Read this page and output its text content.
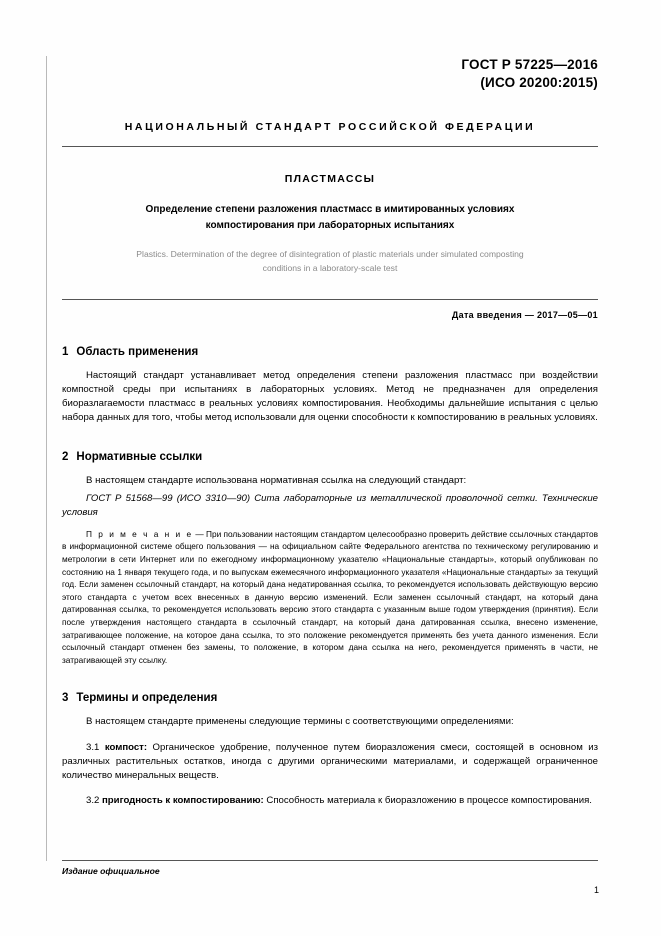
ГОСТ Р 57225—2016
(ИСО 20200:2015)
НАЦИОНАЛЬНЫЙ СТАНДАРТ РОССИЙСКОЙ ФЕДЕРАЦИИ
ПЛАСТМАССЫ
Определение степени разложения пластмасс в имитированных условиях
компостирования при лабораторных испытаниях
Plastics. Determination of the degree of disintegration of plastic materials under simulated composting
conditions in a laboratory-scale test
Дата введения — 2017—05—01
1 Область применения

Настоящий стандарт устанавливает метод определения степени разложения пластмасс при воздействии компостной среды при испытаниях в лабораторных условиях. Метод не предназначен для определения биоразлагаемости пластмасс в реальных условиях компостирования. Необходимы дальнейшие испытания с целью набора данных для того, чтобы метод использовали для оценки способности к компостированию в реальных условиях.

2 Нормативные ссылки

В настоящем стандарте использована нормативная ссылка на следующий стандарт:

ГОСТ Р 51568—99 (ИСО 3310—90) Сита лабораторные из металлической проволочной сетки. Технические условия

П р и м е ч а н и е — При пользовании настоящим стандартом целесообразно проверить действие ссылочных стандартов в информационной системе общего пользования — на официальном сайте Федерального агентства по техническому регулированию и метрологии в сети Интернет или по ежегодному информационному указателю «Национальные стандарты», который опубликован по состоянию на 1 января текущего года, и по выпускам ежемесячного информационного указателя «Национальные стандарты» за текущий год. Если заменен ссылочный стандарт, на который дана недатированная ссылка, то рекомендуется использовать действующую версию этого стандарта с учетом всех внесенных в данную версию изменений. Если заменен ссылочный стандарт, на который дана датированная ссылка, то рекомендуется использовать версию этого стандарта с указанным выше годом утверждения (принятия). Если после утверждения настоящего стандарта в ссылочный стандарт, на который дана датированная ссылка, внесено изменение, затрагивающее положение, на которое дана ссылка, то это положение рекомендуется применять без учета данного изменения. Если ссылочный стандарт отменен без замены, то положение, в котором дана ссылка на него, рекомендуется применять в части, не затрагивающей эту ссылку.

3 Термины и определения

В настоящем стандарте применены следующие термины с соответствующими определениями:

3.1 компост: Органическое удобрение, полученное путем биоразложения смеси, состоящей в основном из различных растительных остатков, иногда с другими органическими материалами, и содержащей ограниченное количество минеральных веществ.

3.2 пригодность к компостированию: Способность материала к биоразложению в процессе компостирования.

Издание официальное
1
